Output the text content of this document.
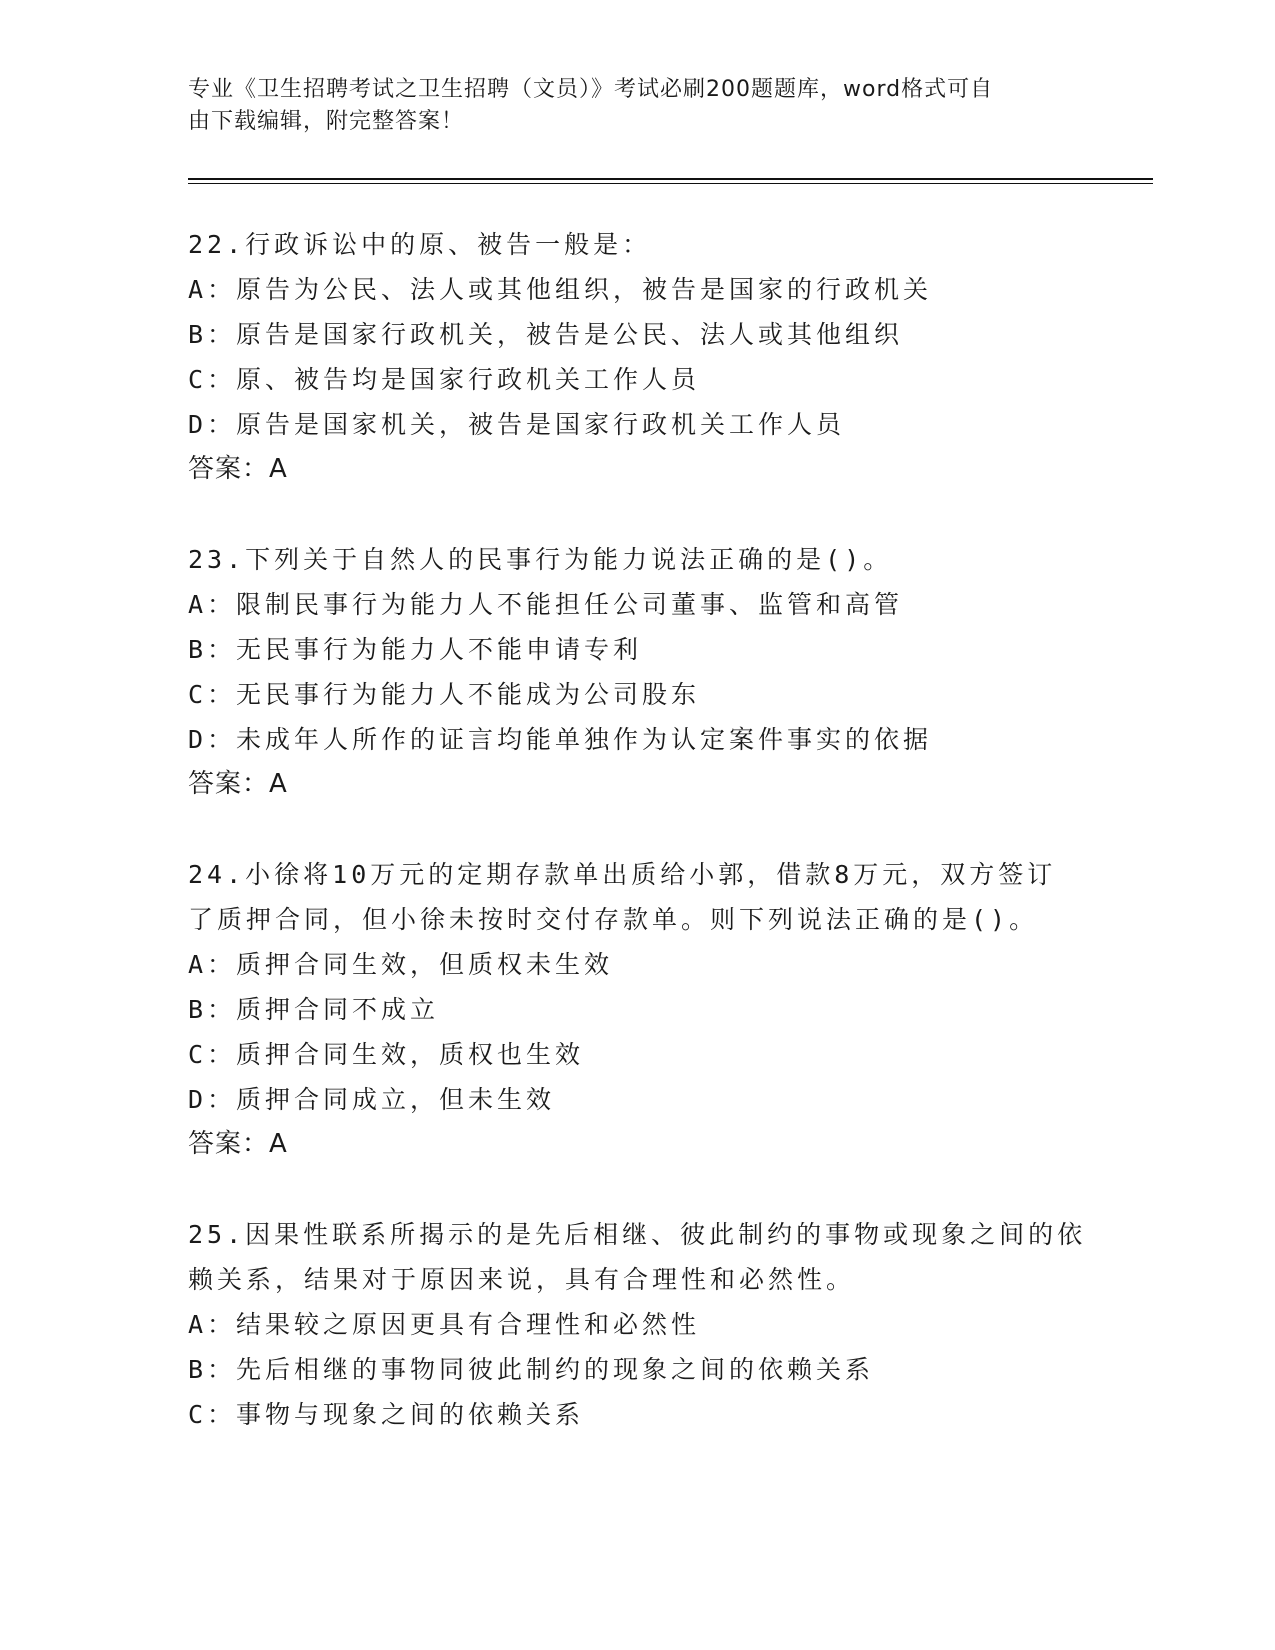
专业《卫生招聘考试之卫生招聘（文员）》考试必刷200题题库，word格式可自
由下载编辑，附完整答案！
22.行政诉讼中的原、被告一般是：
A：原告为公民、法人或其他组织，被告是国家的行政机关
B：原告是国家行政机关，被告是公民、法人或其他组织
C：原、被告均是国家行政机关工作人员
D：原告是国家机关，被告是国家行政机关工作人员
答案：A
23.下列关于自然人的民事行为能力说法正确的是()。
A：限制民事行为能力人不能担任公司董事、监管和高管
B：无民事行为能力人不能申请专利
C：无民事行为能力人不能成为公司股东
D：未成年人所作的证言均能单独作为认定案件事实的依据
答案：A
24.小徐将10万元的定期存款单出质给小郭，借款8万元，双方签订
了质押合同，但小徐未按时交付存款单。则下列说法正确的是()。
A：质押合同生效，但质权未生效
B：质押合同不成立
C：质押合同生效，质权也生效
D：质押合同成立，但未生效
答案：A
25.因果性联系所揭示的是先后相继、彼此制约的事物或现象之间的依
赖关系，结果对于原因来说，具有合理性和必然性。
A：结果较之原因更具有合理性和必然性
B：先后相继的事物同彼此制约的现象之间的依赖关系
C：事物与现象之间的依赖关系
